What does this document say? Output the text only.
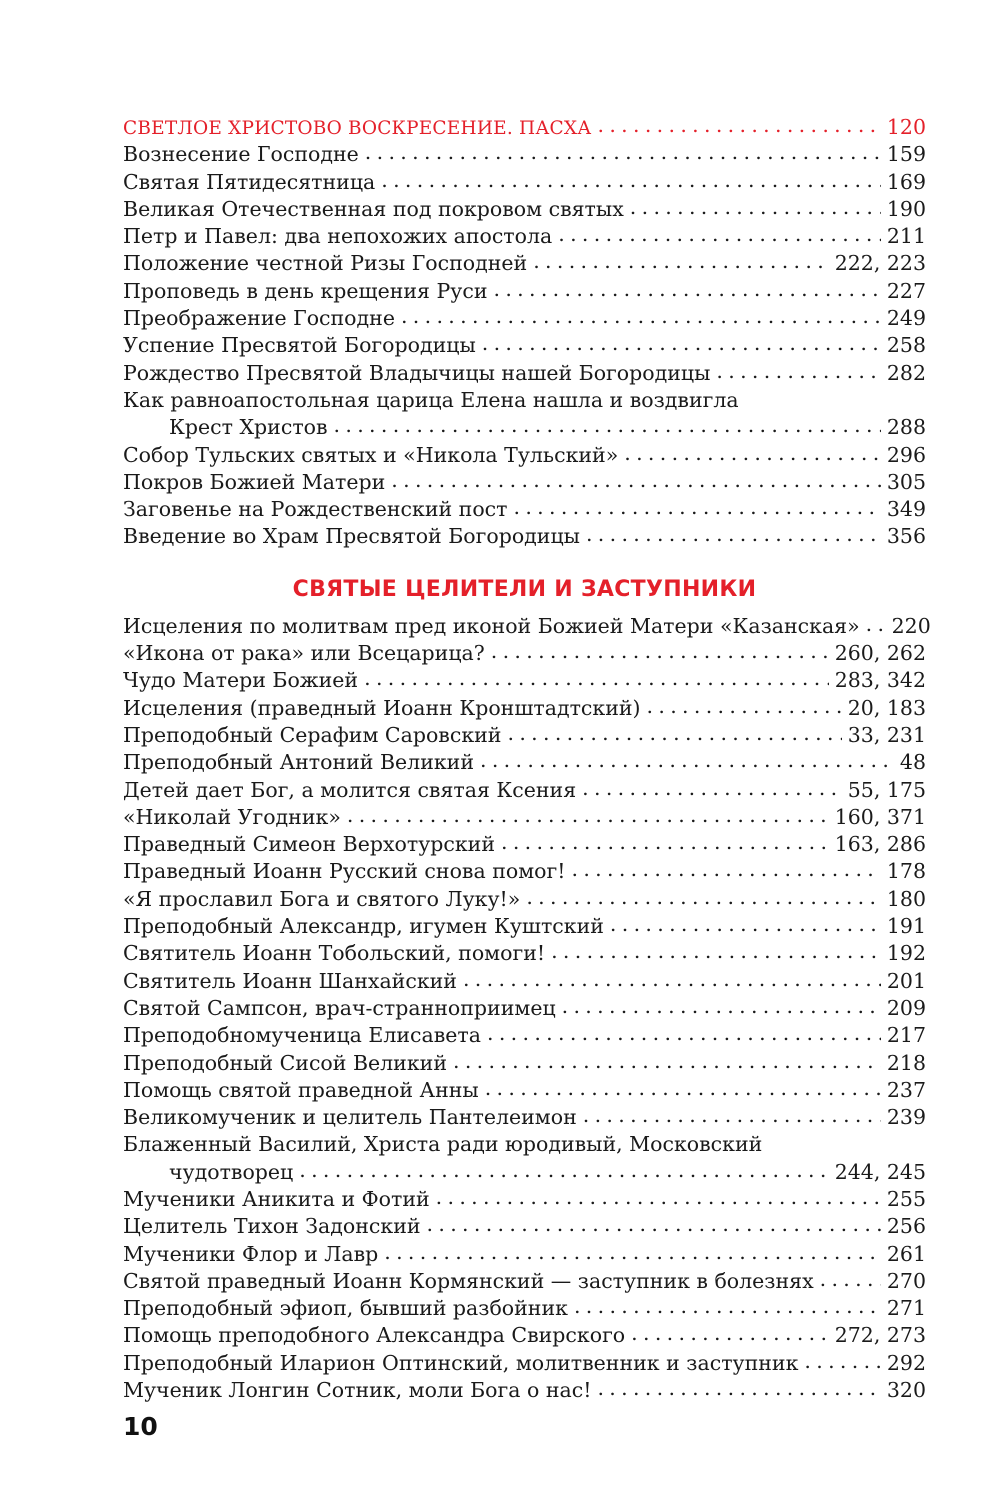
СВЕТЛОЕ ХРИСТОВО ВОСКРЕСЕНИЕ. ПАСХА . . .	120
Вознесение Господне . . .	159
Святая Пятидесятница . . .	169
Великая Отечественная под покровом святых . . .	190
Петр и Павел: два непохожих апостола . . .	211
Положение честной Ризы Господней . . .	222, 223
Проповедь в день крещения Руси . . .	227
Преображение Господне . . .	249
Успение Пресвятой Богородицы . . .	258
Рождество Пресвятой Владычицы нашей Богородицы . . .	282
Как равноапостольная царица Елена нашла и воздвигла
Крест Христов . . .	288
Собор Тульских святых и «Никола Тульский» . . .	296
Покров Божией Матери . . .	305
Заговенье на Рождественский пост . . .	349
Введение во Храм Пресвятой Богородицы . . .	356
СВЯТЫЕ ЦЕЛИТЕЛИ И ЗАСТУПНИКИ
Исцеления по молитвам пред иконой Божией Матери «Казанская» . . . 220
«Икона от рака» или Всецарица? . . .	260, 262
Чудо Матери Божией . . .	283, 342
Исцеления (праведный Иоанн Кронштадтский) . . .	20, 183
Преподобный Серафим Саровский . . .	33, 231
Преподобный Антоний Великий . . .	48
Детей дает Бог, а молится святая Ксения . . .	55, 175
«Николай Угодник» . . .	160, 371
Праведный Симеон Верхотурский . . .	163, 286
Праведный Иоанн Русский снова помог! . . .	178
«Я прославил Бога и святого Луку!» . . .	180
Преподобный Александр, игумен Куштский . . .	191
Святитель Иоанн Тобольский, помоги! . . .	192
Святитель Иоанн Шанхайский . . .	201
Святой Сампсон, врач-странноприимец . . .	209
Преподобномученица Елисавета . . .	217
Преподобный Сисой Великий . . .	218
Помощь святой праведной Анны . . .	237
Великомученик и целитель Пантелеимон . . .	239
Блаженный Василий, Христа ради юродивый, Московский
чудотворец . . .	244, 245
Мученики Аникита и Фотий . . .	255
Целитель Тихон Задонский . . .	256
Мученики Флор и Лавр . . .	261
Святой праведный Иоанн Кормянский — заступник в болезнях . . .	270
Преподобный эфиоп, бывший разбойник . . .	271
Помощь преподобного Александра Свирского . . .	272, 273
Преподобный Иларион Оптинский, молитвенник и заступник . . .	292
Мученик Лонгин Сотник, моли Бога о нас! . . .	320
10
